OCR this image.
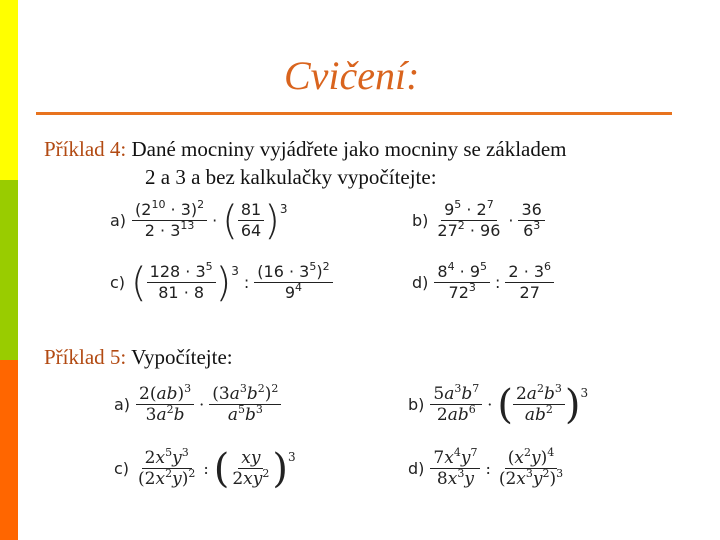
Cvičení:
Příklad 4: Dané mocniny vyjádřete jako mocniny se základem
2 a 3 a bez kalkulačky vypočítejte:
$a) \frac{(2^{10} \cdot 3)^2}{2 \cdot 3^{13}}$ · ( $\frac{81}{64}$ ) 3
$b) \frac{9^5 \cdot 2^7}{27^2 \cdot 96} \cdot \frac{36}{6^3}$
c) ( $\frac{128 \cdot 3^5}{81 \cdot 8}$ ) 3
: $\frac{(16 \cdot 3^5)^2}{9^4}$	$d) \frac{8^4 \cdot 9^5}{72^3}$ : $\frac{2 \cdot 3^6}{27}$
Příklad 5: Vypočítejte:
$a) \frac{2(ab)^3}{3a^2b} \cdot \frac{(3a^3b^2)^2}{a^5b^3}$	$b) \frac{5a^3b^7}{2ab^6}$ · ( $\frac{2a^2b^3}{ab^2}$ ) 3
$c) \frac{2x^5y^3}{(2x^2y)^2}$ : ( $\frac{xy}{2xy^2}$ ) 3
$d) \frac{7x^4y^7}{8x^3y}$ : $\frac{(x^2y)^4}{(2x^3y^2)^3}$
